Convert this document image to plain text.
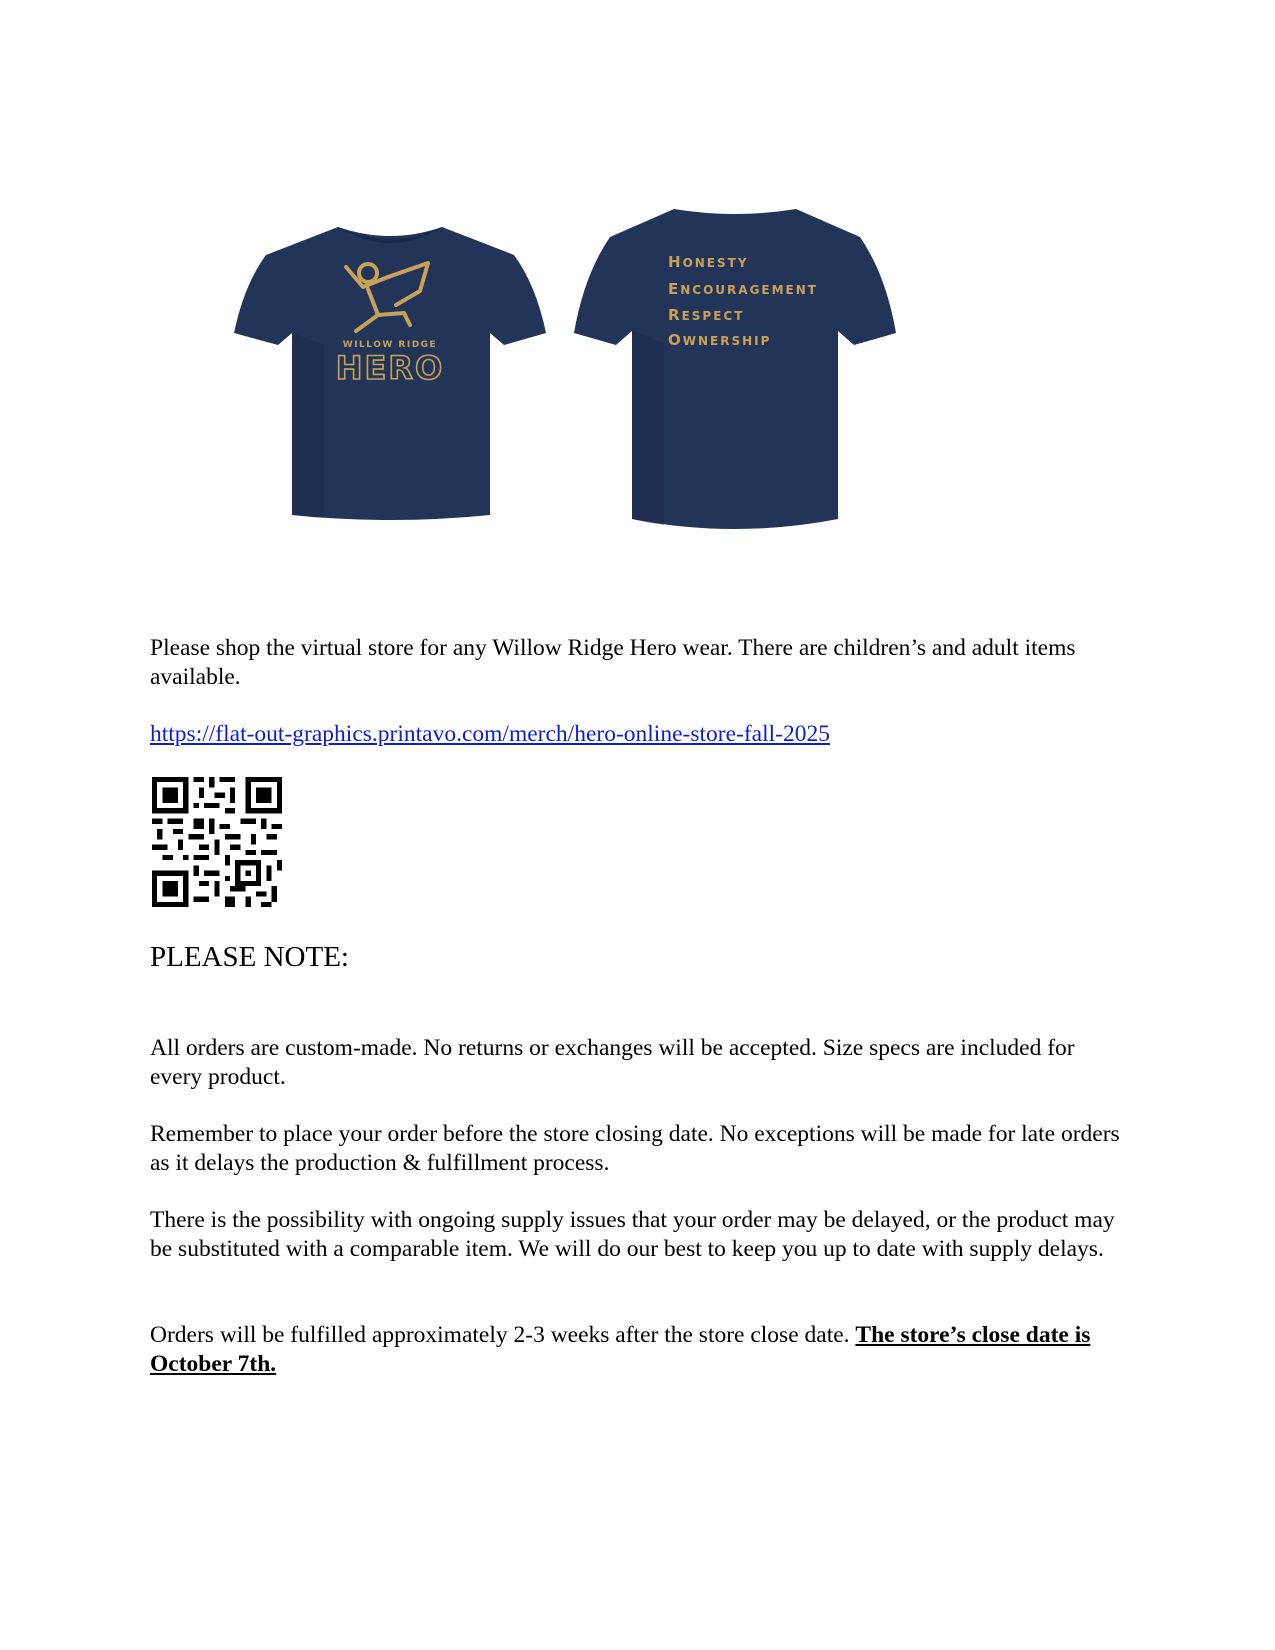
WILLOW RIDGE
HERO
HONESTY
ENCOURAGEMENT
RESPECT
OWNERSHIP
Please shop the virtual store for any Willow Ridge Hero wear. There are children’s and adult items available.
https://flat-out-graphics.printavo.com/merch/hero-online-store-fall-2025
PLEASE NOTE:
All orders are custom-made. No returns or exchanges will be accepted. Size specs are included for every product.
Remember to place your order before the store closing date. No exceptions will be made for late orders as it delays the production & fulfillment process.
There is the possibility with ongoing supply issues that your order may be delayed, or the product may be substituted with a comparable item. We will do our best to keep you up to date with supply delays.
Orders will be fulfilled approximately 2-3 weeks after the store close date. The store’s close date is October 7th.
